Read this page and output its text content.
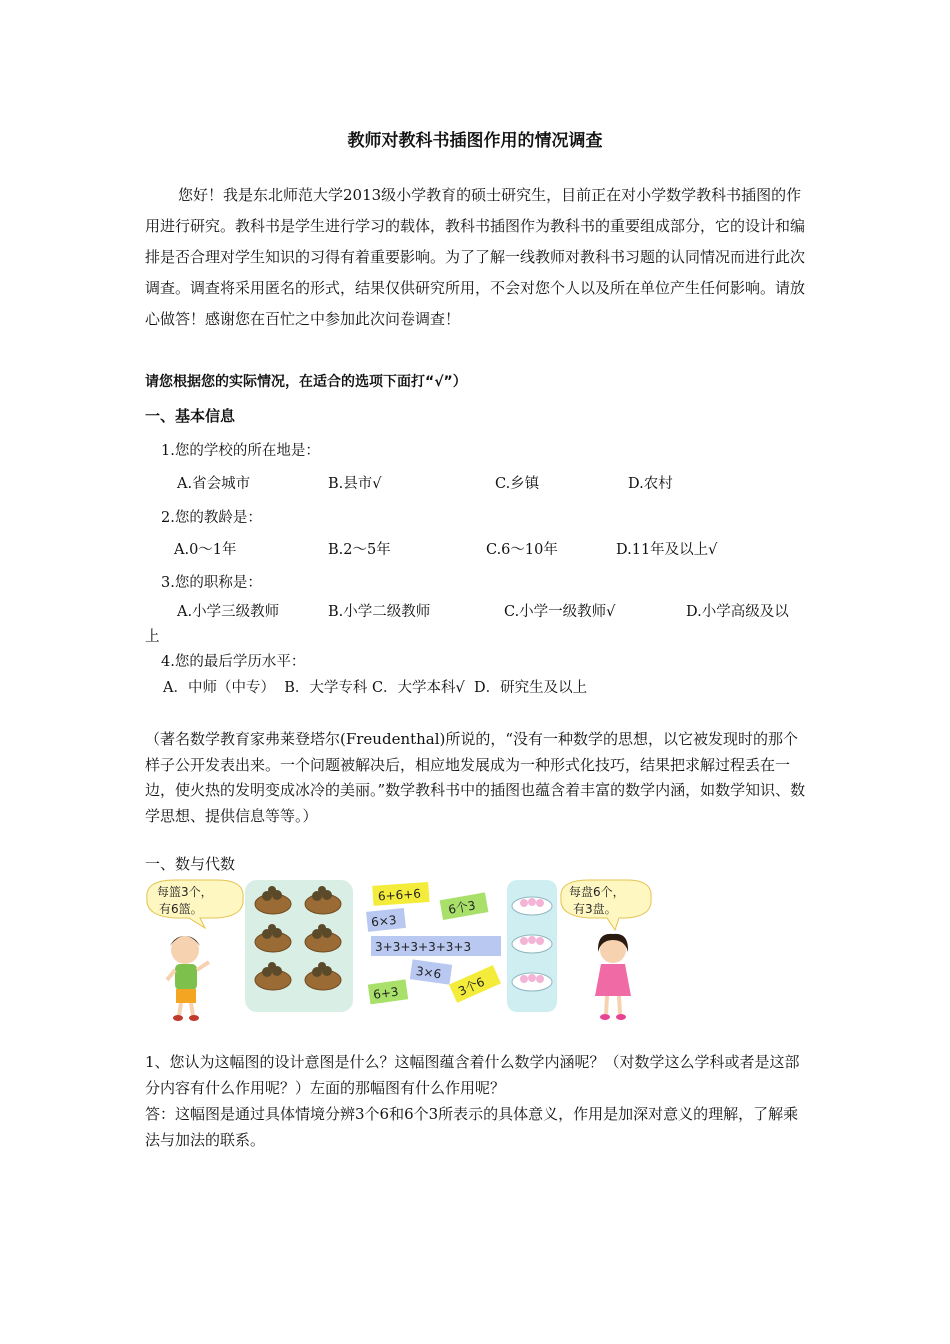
教师对教科书插图作用的情况调查

您好！我是东北师范大学2013级小学教育的硕士研究生，目前正在对小学数学教科书插图的作用进行研究。教科书是学生进行学习的载体，教科书插图作为教科书的重要组成部分，它的设计和编排是否合理对学生知识的习得有着重要影响。为了了解一线教师对教科书习题的认同情况而进行此次调查。调查将采用匿名的形式，结果仅供研究所用，不会对您个人以及所在单位产生任何影响。请放心做答！感谢您在百忙之中参加此次问卷调查！

请您根据您的实际情况，在适合的选项下面打“√”）
一、基本信息
1.您的学校的所在地是：
A.省会城市	B.县市√	C.乡镇	D.农村
2.您的教龄是：
A.0～1年	B.2～5年	C.6～10年	D.11年及以上√
3.您的职称是：
A.小学三级教师	B.小学二级教师	C.小学一级教师√	D.小学高级及以
上
4.您的最后学历水平：
A．中师（中专）  B．大学专科 C．大学本科√  D．研究生及以上
（著名数学教育家弗莱登塔尔(Freudenthal)所说的，“没有一种数学的思想，以它被发现时的那个样子公开发表出来。一个问题被解决后，相应地发展成为一种形式化技巧，结果把求解过程丢在一边，使火热的发明变成冰冷的美丽。”数学教科书中的插图也蕴含着丰富的数学内涵，如数学知识、数学思想、提供信息等等。）
一、数与代数
每篮3个，
有6篮。
6+6+6
6×3
6个3
3+3+3+3+3+3
3×6
6+3	3个6
每盘6个，
有3盘。
1、您认为这幅图的设计意图是什么？这幅图蕴含着什么数学内涵呢？（对数学这么学科或者是这部分内容有什么作用呢？）左面的那幅图有什么作用呢？
答：这幅图是通过具体情境分辨3个6和6个3所表示的具体意义，作用是加深对意义的理解，了解乘法与加法的联系。
